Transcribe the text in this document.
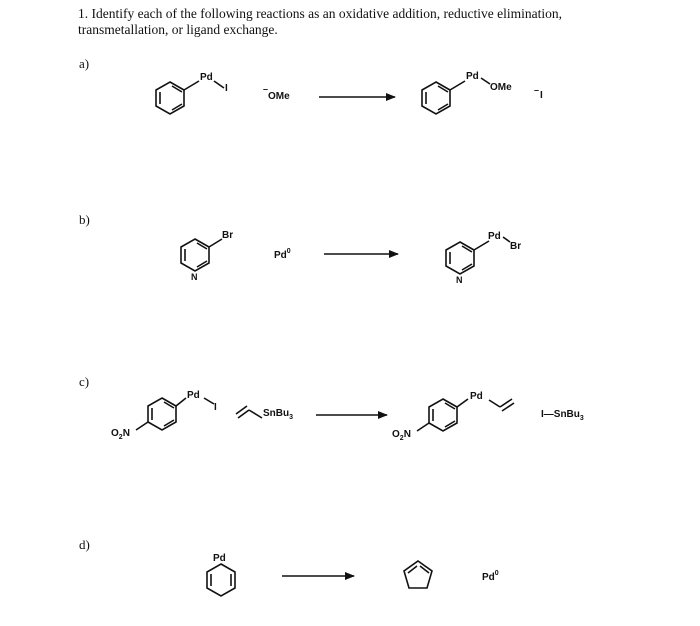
1. Identify each of the following reactions as an oxidative addition, reductive elimination,
transmetallation, or ligand exchange.
a)
b)
c)
d)
Pd
I	–
OMe
Pd
OMe – I
Br
N
Pd$^0$
Pd
Br
N
$O_2N$
Pd
I
SnBu$_3$
$O_2N$
Pd
I—SnBu$_3$
Pd
Pd$^0$
